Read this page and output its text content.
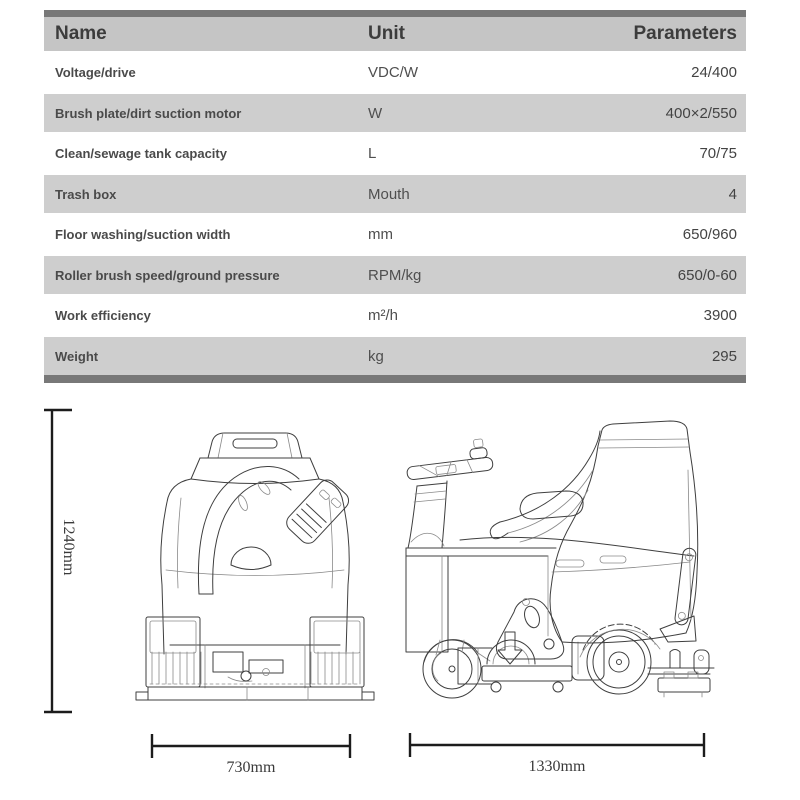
Name	Unit	Parameters
Voltage/drive	VDC/W	24/400
Brush plate/dirt suction motor	W	400×2/550
Clean/sewage tank capacity	L	70/75
Trash box	Mouth	4
Floor washing/suction width	mm	650/960
Roller brush speed/ground pressure	RPM/kg	650/0-60
Work efficiency	m²/h	3900
Weight	kg	295
1240mm
730mm	1330mm
